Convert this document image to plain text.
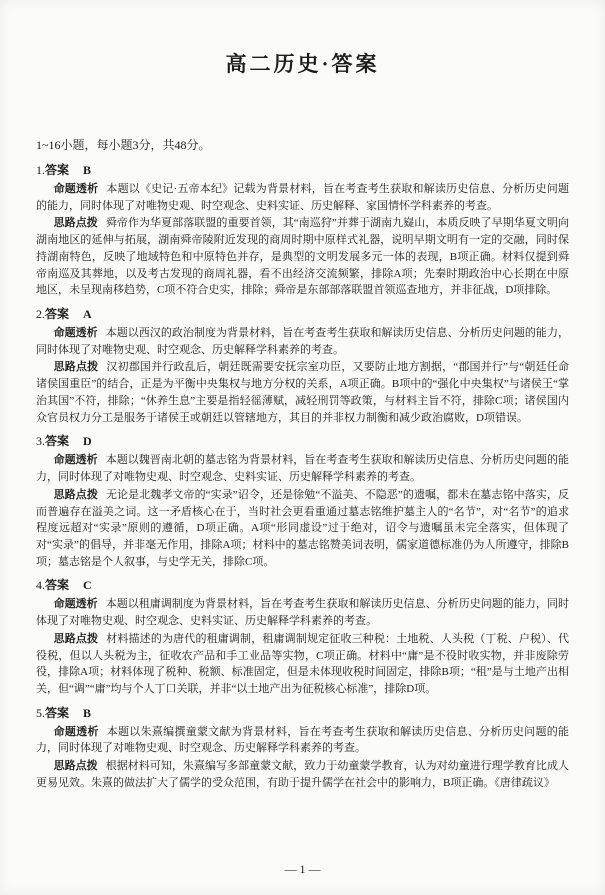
高二历史·答案

1~16小题，每小题3分，共48分。

1.答案 B

命题透析 本题以《史记·五帝本纪》记载为背景材料，旨在考查考生获取和解读历史信息、分析历史问题的能力，同时体现了对唯物史观、时空观念、史料实证、历史解释、家国情怀学科素养的考查。

思路点拨 舜帝作为华夏部落联盟的重要首领，其“南巡狩”并葬于湖南九嶷山，本质反映了早期华夏文明向湖南地区的延伸与拓展，湖南舜帝陵附近发现的商周时期中原样式礼器，说明早期文明有一定的交融，同时保持湖南特色，反映了地域特色和中原特色并存，是典型的文明发展多元一体的表现，B项正确。材料仅提到舜帝南巡及其葬地，以及考古发现的商周礼器，看不出经济交流频繁，排除A项；先秦时期政治中心长期在中原地区，未呈现南移趋势，C项不符合史实，排除；舜帝是东部部落联盟首领巡查地方，并非征战，D项排除。

2.答案 A

命题透析 本题以西汉的政治制度为背景材料，旨在考查考生获取和解读历史信息、分析历史问题的能力，同时体现了对唯物史观、时空观念、历史解释学科素养的考查。

思路点拨 汉初郡国并行政乱后，朝廷既需要安抚宗室功臣，又要防止地方割据，“郡国并行”与“朝廷任命诸侯国重臣”的结合，正是为平衡中央集权与地方分权的关系，A项正确。B项中的“强化中央集权”与诸侯王“掌治其国”不符，排除；“休养生息”主要是指轻徭薄赋，减轻刑罚等政策，与材料主旨不符，排除C项；诸侯国内众官员权力分工是服务于诸侯王或朝廷以管辖地方，其目的并非权力制衡和减少政治腐败，D项错误。

3.答案 D

命题透析 本题以魏晋南北朝的墓志铭为背景材料，旨在考查考生获取和解读历史信息、分析历史问题的能力，同时体现了对唯物史观、时空观念、史料实证、历史解释学科素养的考查。

思路点拨 无论是北魏孝文帝的“实录”诏令，还是徐勉“不溢美、不隐恶”的遗嘱，都未在墓志铭中落实，反而普遍存在溢美之词。这一矛盾核心在于，当时社会更看重通过墓志铭维护墓主人的“名节”，对“名节”的追求程度远超对“实录”原则的遵循，D项正确。A项“形同虚设”过于绝对，诏令与遗嘱虽未完全落实，但体现了对“实录”的倡导，并非毫无作用，排除A项；材料中的墓志铭赞美词表明，儒家道德标准仍为人所遵守，排除B项；墓志铭是个人叙事，与史学无关，排除C项。

4.答案 C

命题透析 本题以租庸调制度为背景材料，旨在考查考生获取和解读历史信息、分析历史问题的能力，同时体现了对唯物史观、时空观念、史料实证、历史解释学科素养的考查。

思路点拨 材料描述的为唐代的租庸调制，租庸调制规定征收三种税：土地税、人头税（丁税、户税）、代役税，但以人头税为主，征收农产品和手工业品等实物，C项正确。材料中“庸”是不役时收实物，并非废除劳役，排除A项；材料体现了税种、税额、标准固定，但是未体现收税时间固定，排除B项；“租”是与土地产出相关，但“调”“庸”均与个人丁口关联，并非“以土地产出为征税核心标准”，排除D项。

5.答案 B

命题透析 本题以朱熹编撰童蒙文献为背景材料，旨在考查考生获取和解读历史信息、分析历史问题的能力，同时体现了对唯物史观、时空观念、历史解释学科素养的考查。

思路点拨 根据材料可知，朱熹编写多部童蒙文献，致力于幼童蒙学教育，认为对幼童进行理学教育比成人更易见效。朱熹的做法扩大了儒学的受众范围，有助于提升儒学在社会中的影响力，B项正确。《唐律疏议》

— 1 —
